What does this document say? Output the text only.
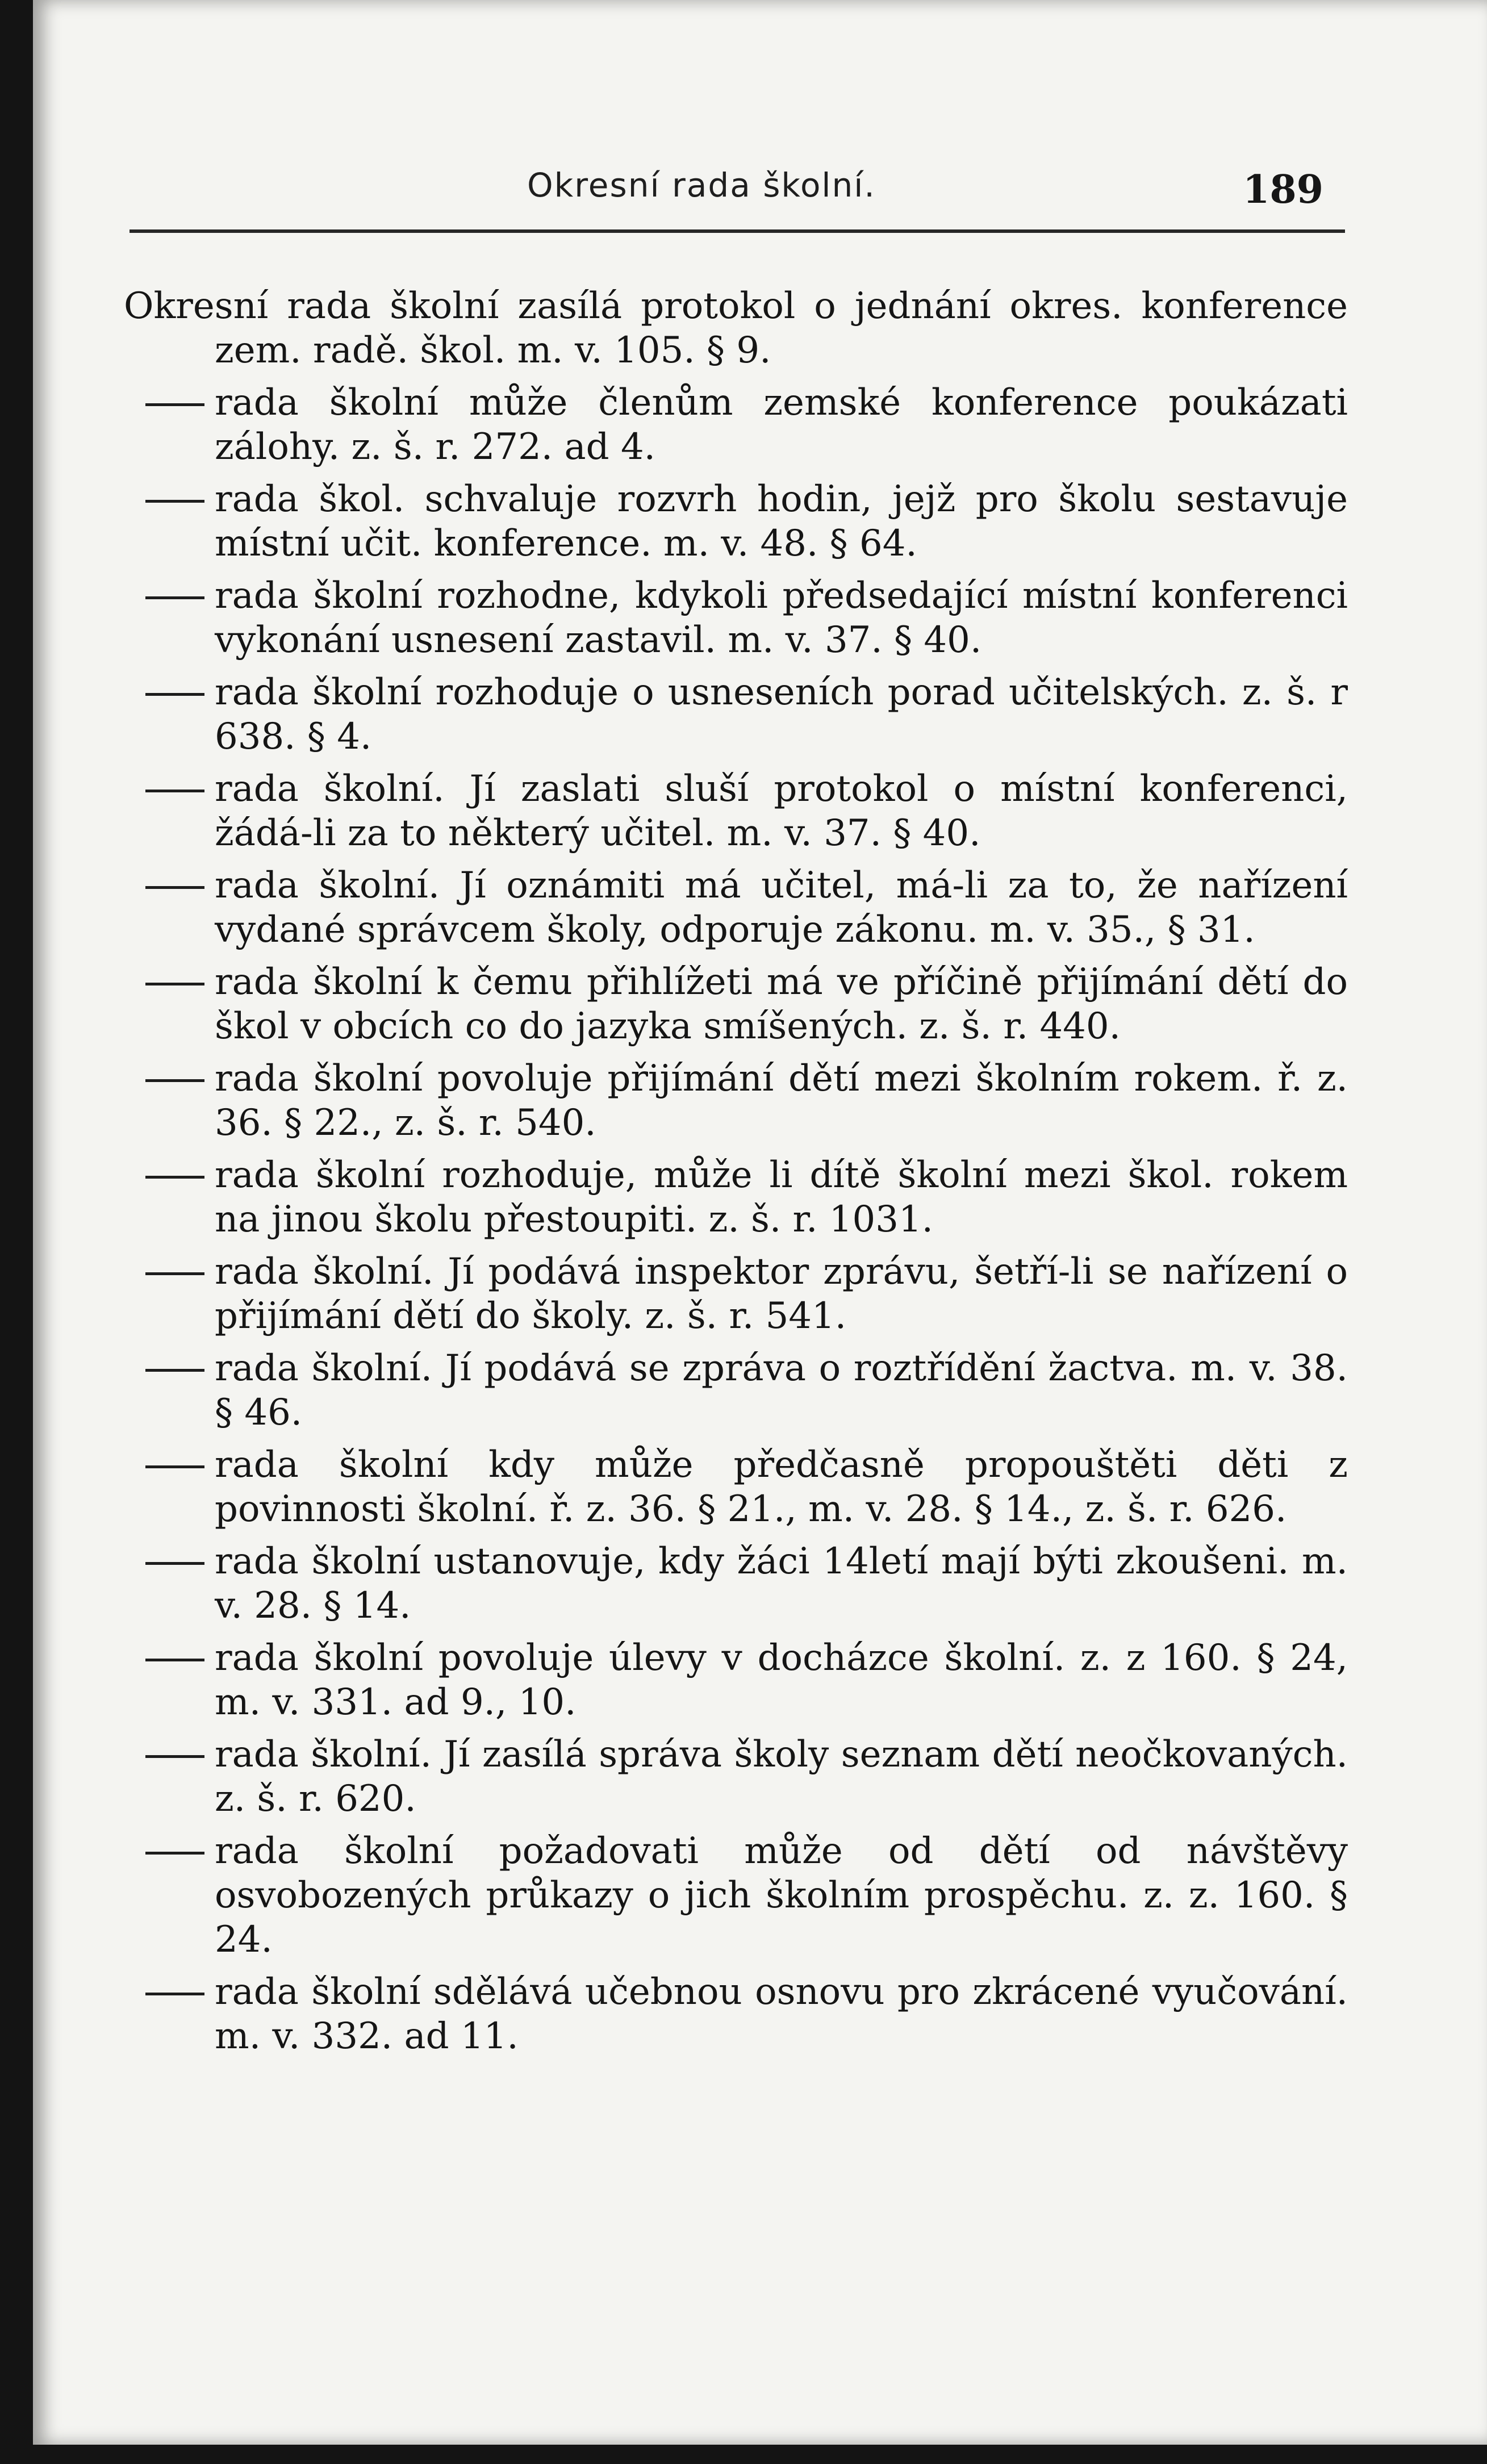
Okresní rada školní.	189

Okresní rada školní zasílá protokol o jednání okres. konference zem. radě. škol. m. v. 105. § 9.

rada školní může členům zemské konference poukázati zálohy. z. š. r. 272. ad 4.

rada škol. schvaluje rozvrh hodin, jejž pro školu sestavuje místní učit. konference. m. v. 48. § 64.

rada školní rozhodne, kdykoli předsedající místní konferenci vykonání usnesení zastavil. m. v. 37. § 40.

rada školní rozhoduje o usneseních porad učitelských. z. š. r 638. § 4.

rada školní. Jí zaslati sluší protokol o místní konferenci, žádá-li za to některý učitel. m. v. 37. § 40.

rada školní. Jí oznámiti má učitel, má-li za to, že nařízení vydané správcem školy, odporuje zákonu. m. v. 35., § 31.

rada školní k čemu přihlížeti má ve příčině přijímání dětí do škol v obcích co do jazyka smíšených. z. š. r. 440.

rada školní povoluje přijímání dětí mezi školním rokem. ř. z. 36. § 22., z. š. r. 540.

rada školní rozhoduje, může li dítě školní mezi škol. rokem na jinou školu přestoupiti. z. š. r. 1031.

rada školní. Jí podává inspektor zprávu, šetří-li se nařízení o přijímání dětí do školy. z. š. r. 541.

rada školní. Jí podává se zpráva o roztřídění žactva. m. v. 38. § 46.

rada školní kdy může předčasně propouštěti děti z povinnosti školní. ř. z. 36. § 21., m. v. 28. § 14., z. š. r. 626.

rada školní ustanovuje, kdy žáci 14letí mají býti zkoušeni. m. v. 28. § 14.

rada školní povoluje úlevy v docházce školní. z. z 160. § 24, m. v. 331. ad 9., 10.

rada školní. Jí zasílá správa školy seznam dětí neočkovaných. z. š. r. 620.

rada školní požadovati může od dětí od návštěvy osvobozených průkazy o jich školním prospěchu. z. z. 160. § 24.

rada školní sdělává učebnou osnovu pro zkrácené vyučování. m. v. 332. ad 11.
